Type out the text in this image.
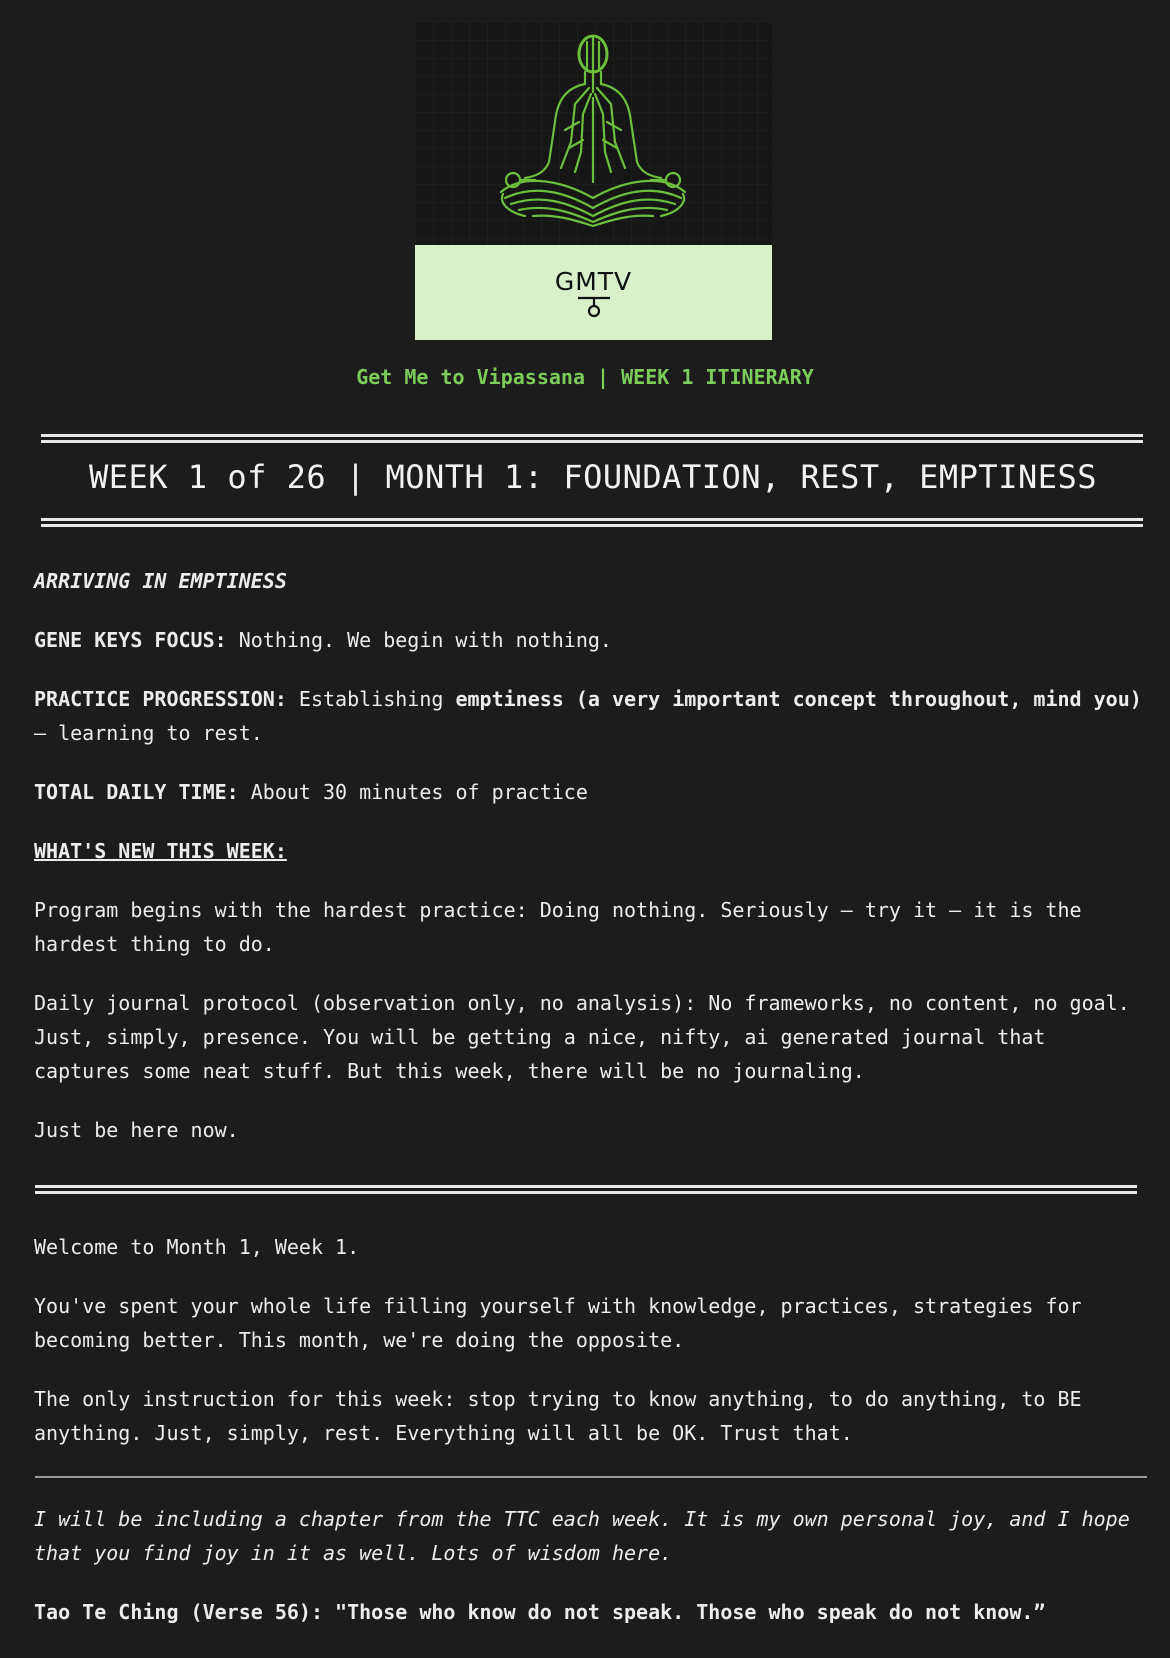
GMTV
Get Me to Vipassana | WEEK 1 ITINERARY
WEEK 1 of 26 | MONTH 1: FOUNDATION, REST, EMPTINESS

ARRIVING IN EMPTINESS

GENE KEYS FOCUS: Nothing. We begin with nothing.

PRACTICE PROGRESSION: Establishing emptiness (a very important concept throughout, mind you) — learning to rest.

TOTAL DAILY TIME: About 30 minutes of practice

WHAT'S NEW THIS WEEK:

Program begins with the hardest practice: Doing nothing. Seriously — try it — it is the hardest thing to do.

Daily journal protocol (observation only, no analysis): No frameworks, no content, no goal. Just, simply, presence. You will be getting a nice, nifty, ai generated journal that captures some neat stuff. But this week, there will be no journaling.

Just be here now.

Welcome to Month 1, Week 1.

You've spent your whole life filling yourself with knowledge, practices, strategies for becoming better. This month, we're doing the opposite.

The only instruction for this week: stop trying to know anything, to do anything, to BE anything. Just, simply, rest. Everything will all be OK. Trust that.

I will be including a chapter from the TTC each week. It is my own personal joy, and I hope that you find joy in it as well. Lots of wisdom here.

Tao Te Ching (Verse 56): "Those who know do not speak. Those who speak do not know.”
